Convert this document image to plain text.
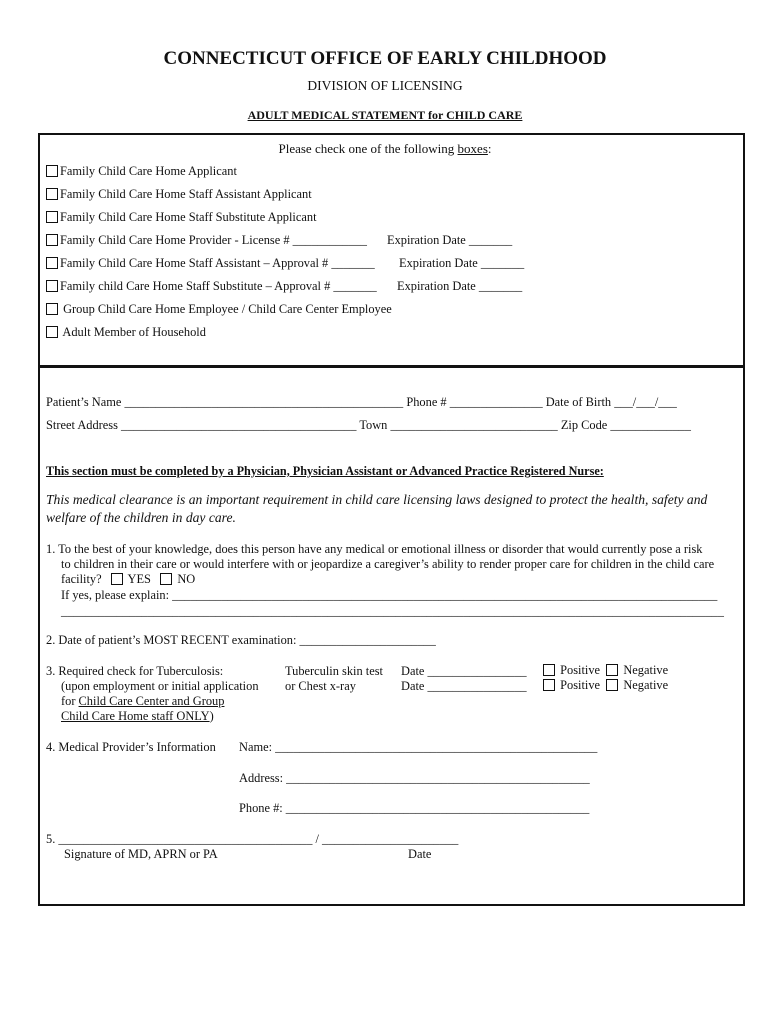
CONNECTICUT OFFICE OF EARLY CHILDHOOD
DIVISION OF LICENSING
ADULT MEDICAL STATEMENT for CHILD CARE
Please check one of the following boxes:
Family Child Care Home Applicant
Family Child Care Home Staff Assistant Applicant
Family Child Care Home Staff Substitute Applicant
Family Child Care Home Provider - License # ____________ Expiration Date _______
Family Child Care Home Staff Assistant – Approval # _______ Expiration Date _______
Family child Care Home Staff Substitute – Approval # _______ Expiration Date _______
Group Child Care Home Employee / Child Care Center Employee
Adult Member of Household
Patient’s Name _____________________________________________ Phone # _______________ Date of Birth ___/___/___
Street Address ______________________________________ Town ___________________________ Zip Code _____________
This section must be completed by a Physician, Physician Assistant or Advanced Practice Registered Nurse:
This medical clearance is an important requirement in child care licensing laws designed to protect the health, safety and
welfare of the children in day care.
1. To the best of your knowledge, does this person have any medical or emotional illness or disorder that would currently pose a risk
to children in their care or would interfere with or jeopardize a caregiver’s ability to render proper care for children in the child care
facility? YES NO
If yes, please explain: ________________________________________________________________________________________
___________________________________________________________________________________________________________
2. Date of patient’s MOST RECENT examination: ______________________
3. Required check for Tuberculosis:
(upon employment or initial application
for Child Care Center and Group
Child Care Home staff ONLY)
Tuberculin skin test
or Chest x-ray
Date ________________
Date ________________
Positive Negative
Positive Negative
4. Medical Provider’s Information Name: ____________________________________________________
Address: _________________________________________________
Phone #: _________________________________________________
5. _________________________________________ / ______________________
Signature of MD, APRN or PA	Date
